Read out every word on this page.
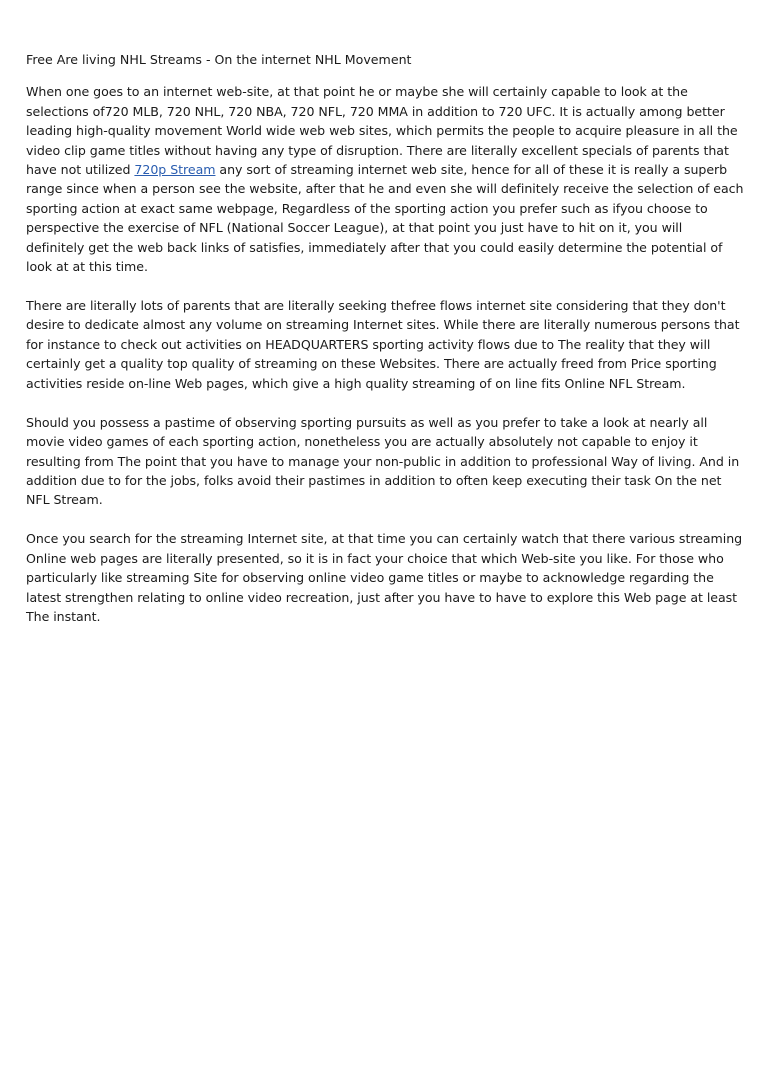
Free Are living NHL Streams - On the internet NHL Movement

When one goes to an internet web-site, at that point he or maybe she will certainly capable to look at the selections of720 MLB, 720 NHL, 720 NBA, 720 NFL, 720 MMA in addition to 720 UFC. It is actually among better leading high-quality movement World wide web web sites, which permits the people to acquire pleasure in all the video clip game titles without having any type of disruption. There are literally excellent specials of parents that have not utilized 720p Stream any sort of streaming internet web site, hence for all of these it is really a superb range since when a person see the website, after that he and even she will definitely receive the selection of each sporting action at exact same webpage, Regardless of the sporting action you prefer such as ifyou choose to perspective the exercise of NFL (National Soccer League), at that point you just have to hit on it, you will definitely get the web back links of satisfies, immediately after that you could easily determine the potential of look at at this time.

There are literally lots of parents that are literally seeking thefree flows internet site considering that they don't desire to dedicate almost any volume on streaming Internet sites. While there are literally numerous persons that for instance to check out activities on HEADQUARTERS sporting activity flows due to The reality that they will certainly get a quality top quality of streaming on these Websites. There are actually freed from Price sporting activities reside on-line Web pages, which give a high quality streaming of on line fits Online NFL Stream.

Should you possess a pastime of observing sporting pursuits as well as you prefer to take a look at nearly all movie video games of each sporting action, nonetheless you are actually absolutely not capable to enjoy it resulting from The point that you have to manage your non-public in addition to professional Way of living. And in addition due to for the jobs, folks avoid their pastimes in addition to often keep executing their task On the net NFL Stream.

Once you search for the streaming Internet site, at that time you can certainly watch that there various streaming Online web pages are literally presented, so it is in fact your choice that which Web-site you like. For those who particularly like streaming Site for observing online video game titles or maybe to acknowledge regarding the latest strengthen relating to online video recreation, just after you have to have to explore this Web page at least The instant.
